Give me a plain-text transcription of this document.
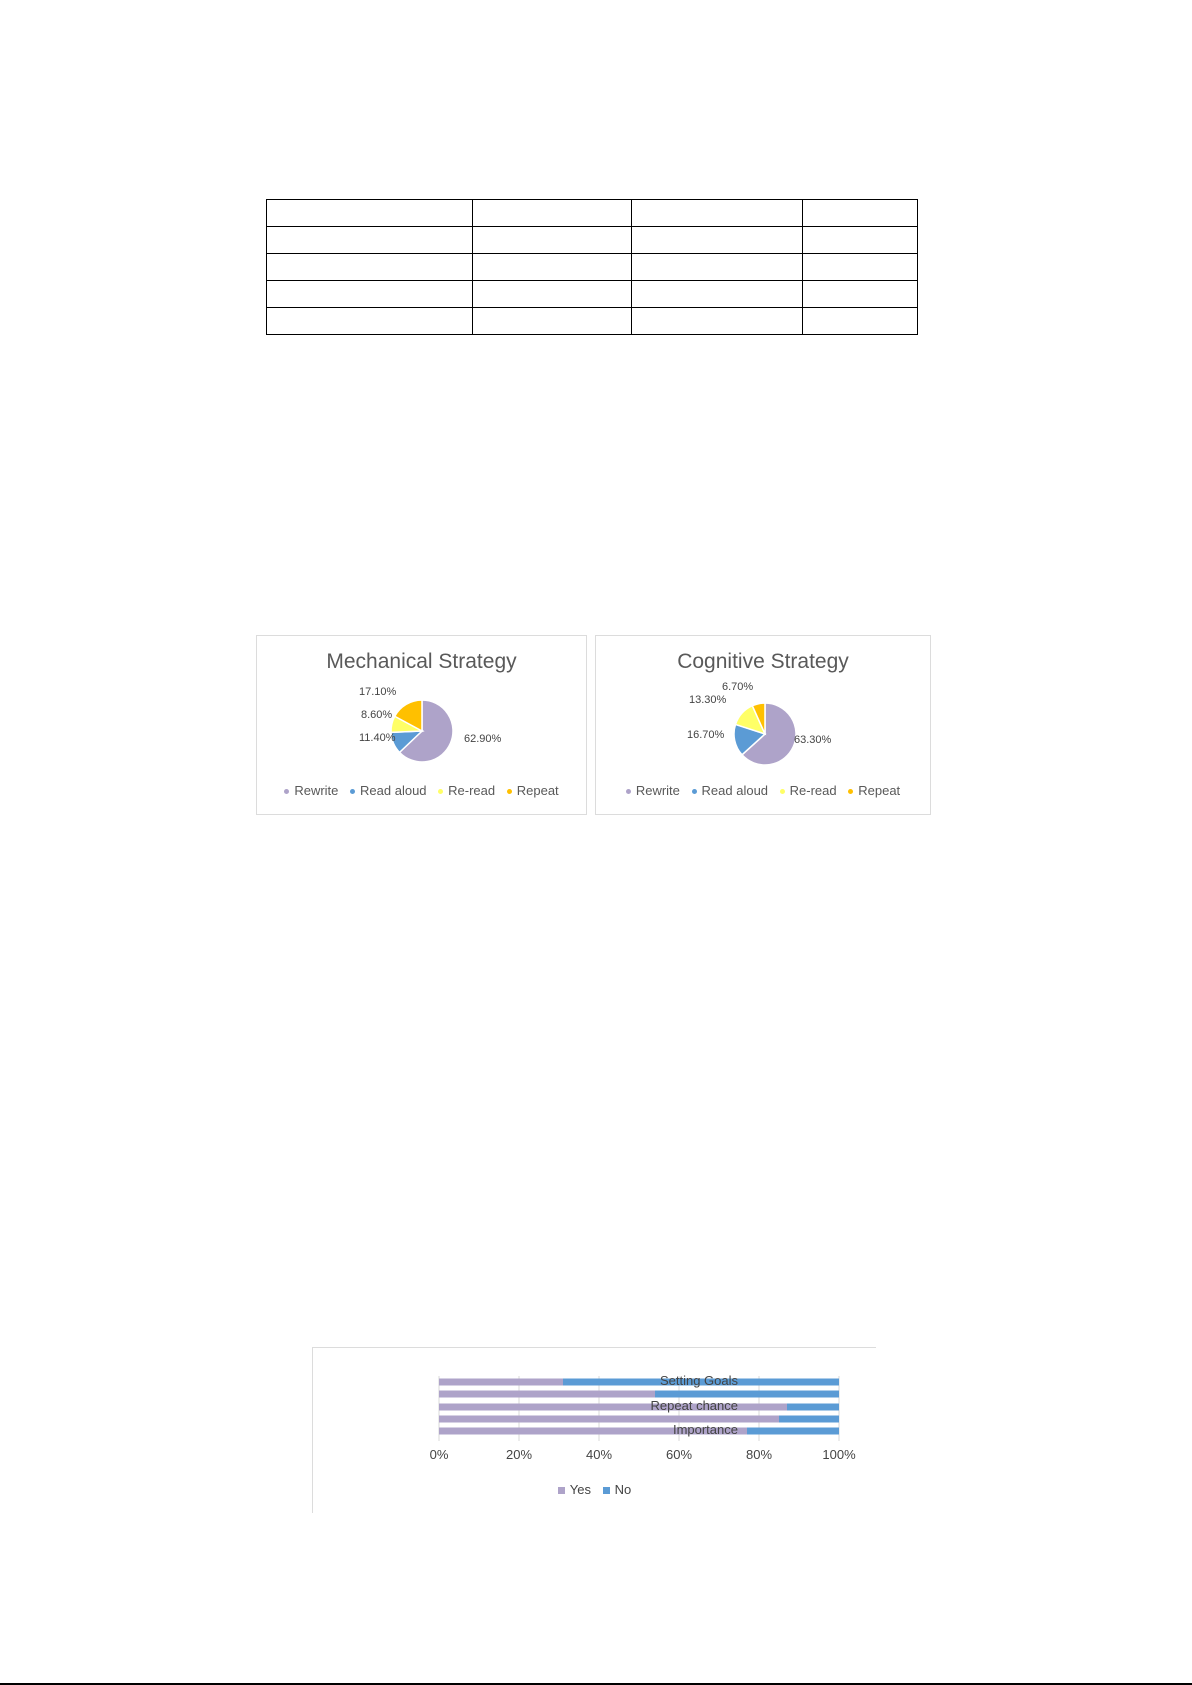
Mechanical Strategy
17.10%
8.60%
11.40%	62.90%
Rewrite Read aloud Re-read Repeat
Cognitive Strategy
6.70%
13.30%
16.70%	63.30%
Rewrite Read aloud Re-read Repeat
Setting Goals
Repeat chance
Importance
0%	20%	40%	60%	80%	100%
Yes No
